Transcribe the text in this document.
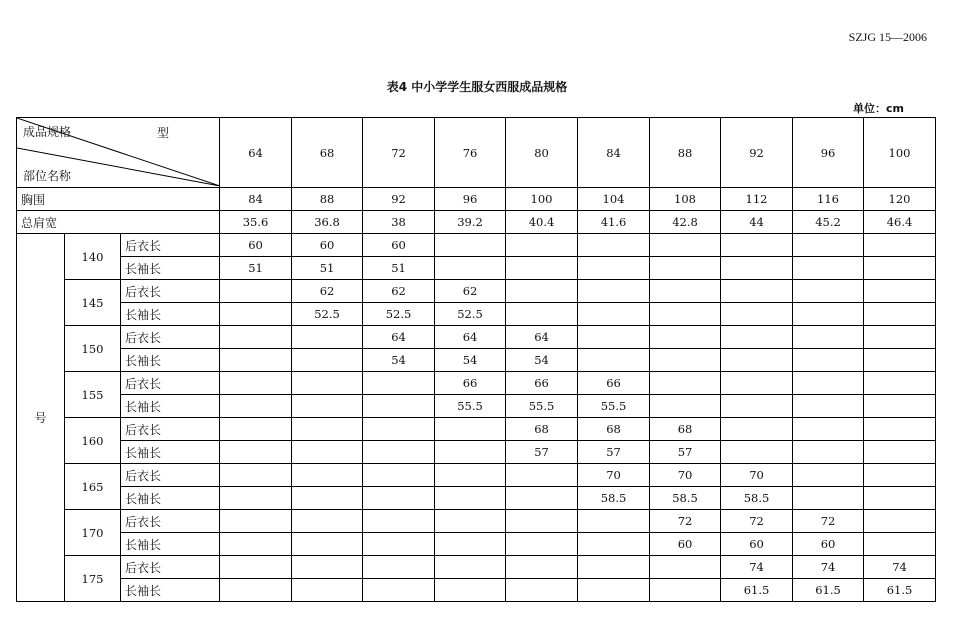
SZJG 15—2006
表4 中小学学生服女西服成品规格
单位：cm
成品规格 型
部位名称			64	68	72	76	80	84	88	92	96	100
胸围			84	88	92	96	100	104	108	112	116	120
总肩宽			35.6	36.8	38	39.2	40.4	41.6	42.8	44	45.2	46.4
号	140	后衣长	60	60	60							
		长袖长	51	51	51							
	145	后衣长		62	62	62						
		长袖长		52.5	52.5	52.5						
	150	后衣长			64	64	64					
		长袖长			54	54	54					
	155	后衣长				66	66	66				
		长袖长				55.5	55.5	55.5				
	160	后衣长					68	68	68			
		长袖长					57	57	57			
	165	后衣长						70	70	70		
		长袖长						58.5	58.5	58.5		
	170	后衣长							72	72	72	
		长袖长							60	60	60	
	175	后衣长								74	74	74
		长袖长								61.5	61.5	61.5
